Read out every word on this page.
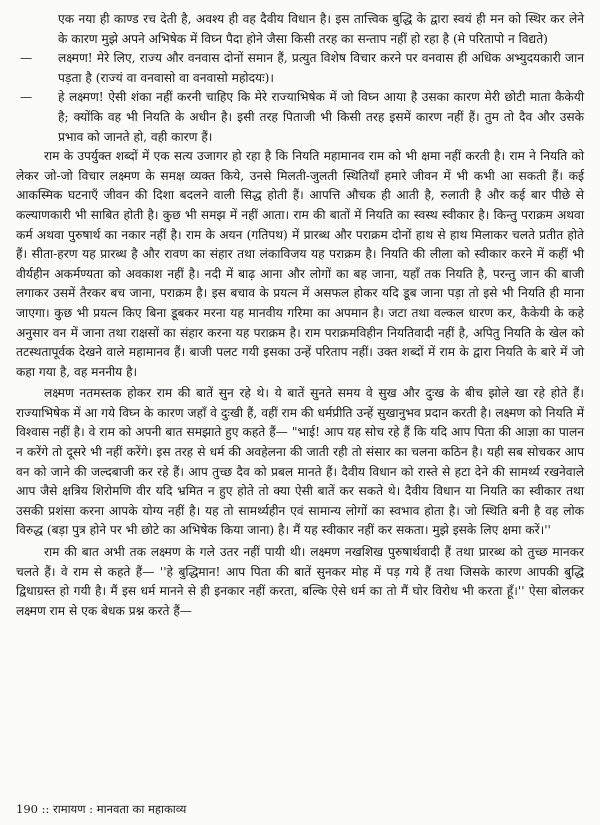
एक नया ही काण्ड रच देती है, अवश्य ही वह दैवीय विधान है। इस तात्त्विक बुद्धि के द्वारा स्वयं ही मन को स्थिर कर लेने के कारण मुझे अपने अभिषेक में विघ्न पैदा होने जैसा किसी तरह का सन्ताप नहीं हो रहा है (मे परितापो न विद्यते)

—	लक्ष्मण! मेरे लिए, राज्य और वनवास दोनों समान हैं, प्रत्युत विशेष विचार करने पर वनवास ही अधिक अभ्युदयकारी जान पड़ता है (राज्यं वा वनवासो वा वनवासो महोदयः)।
—	हे लक्ष्मण! ऐसी शंका नहीं करनी चाहिए कि मेरे राज्याभिषेक में जो विघ्न आया है उसका कारण मेरी छोटी माता कैकेयी है; क्योंकि वह भी नियति के अधीन है। इसी तरह पिताजी भी किसी तरह इसमें कारण नहीं हैं। तुम तो दैव और उसके प्रभाव को जानते हो, वही कारण हैं।

राम के उपर्युक्त शब्दों में एक सत्य उजागर हो रहा है कि नियति महामानव राम को भी क्षमा नहीं करती है। राम ने नियति को लेकर जो-जो विचार लक्ष्मण के समक्ष व्यक्त किये, उनसे मिलती-जुलती स्थितियाँ हमारे जीवन में भी कभी आ सकती हैं। कई आकस्मिक घटनाएँ जीवन की दिशा बदलने वाली सिद्ध होती हैं। आपत्ति औचक ही आती है, रुलाती है और कई बार पीछे से कल्याणकारी भी साबित होती है। कुछ भी समझ में नहीं आता। राम की बातों में नियति का स्वस्थ स्वीकार है। किन्तु पराक्रम अथवा कर्म अथवा पुरुषार्थ का नकार नहीं है। राम के अयन (गतिपथ) में प्रारब्ध और पराक्रम दोनों हाथ से हाथ मिलाकर चलते प्रतीत होते हैं। सीता-हरण यह प्रारब्ध है और रावण का संहार तथा लंकाविजय यह पराक्रम है। नियति की लीला को स्वीकार करने में कहीं भी वीर्यहीन अकर्मण्यता को अवकाश नहीं है। नदी में बाढ़ आना और लोगों का बह जाना, यहाँ तक नियति है, परन्तु जान की बाजी लगाकर उसमें तैरकर बच जाना, पराक्रम है। इस बचाव के प्रयत्न में असफल होकर यदि डूब जाना पड़ा तो इसे भी नियति ही माना जाएगा। कुछ भी प्रयत्न किए बिना डूबकर मरना यह मानवीय गरिमा का अपमान है। जटा तथा वल्कल धारण कर, कैकेयी के कहे अनुसार वन में जाना तथा राक्षसों का संहार करना यह पराक्रम है। राम पराक्रमविहीन नियतिवादी नहीं है, अपितु नियति के खेल को तटस्थतापूर्वक देखने वाले महामानव हैं। बाजी पलट गयी इसका उन्हें परिताप नहीं। उक्त शब्दों में राम के द्वारा नियति के बारे में जो कहा गया है, वह मननीय है।

लक्ष्मण नतमस्तक होकर राम की बातें सुन रहे थे। ये बातें सुनते समय वे सुख और दुःख के बीच झोले खा रहे होते हैं। राज्याभिषेक में आ गये विघ्न के कारण जहाँ वे दुःखी हैं, वहीं राम की धर्मप्रीति उन्हें सुखानुभव प्रदान करती है। लक्ष्मण को नियति में विश्वास नहीं है। वे राम को अपनी बात समझाते हुए कहते हैं— "भाई! आप यह सोच रहे हैं कि यदि आप पिता की आज्ञा का पालन न करेंगे तो दूसरे भी नहीं करेंगे। इस तरह से धर्म की अवहेलना की जाती रही तो संसार का चलना कठिन है। यही सब सोचकर आप वन को जाने की जल्दबाजी कर रहे हैं। आप तुच्छ दैव को प्रबल मानते हैं। दैवीय विधान को रास्ते से हटा देने की सामर्थ्य रखनेवाले आप जैसे क्षत्रिय शिरोमणि वीर यदि भ्रमित न हुए होते तो क्या ऐसी बातें कर सकते थे। दैवीय विधान या नियति का स्वीकार तथा उसकी प्रशंसा करना आपके योग्य नहीं है। यह तो सामर्थ्यहीन एवं सामान्य लोगों का स्वभाव होता है। जो स्थिति बनी है वह लोक विरुद्ध (बड़ा पुत्र होने पर भी छोटे का अभिषेक किया जाना) है। मैं यह स्वीकार नहीं कर सकता। मुझे इसके लिए क्षमा करें।''

राम की बात अभी तक लक्ष्मण के गले उतर नहीं पायी थी। लक्ष्मण नखशिख पुरुषार्थवादी हैं तथा प्रारब्ध को तुच्छ मानकर चलते हैं। वे राम से कहते हैं— ''हे बुद्धिमान! आप पिता की बातें सुनकर मोह में पड़ गये हैं तथा जिसके कारण आपकी बुद्धि द्विधाग्रस्त हो गयी है। मैं इस धर्म मानने से ही इनकार नहीं करता, बल्कि ऐसे धर्म का तो मैं घोर विरोध भी करता हूँ।'' ऐसा बोलकर लक्ष्मण राम से एक बेधक प्रश्न करते हैं—

190 :: रामायण : मानवता का महाकाव्य
